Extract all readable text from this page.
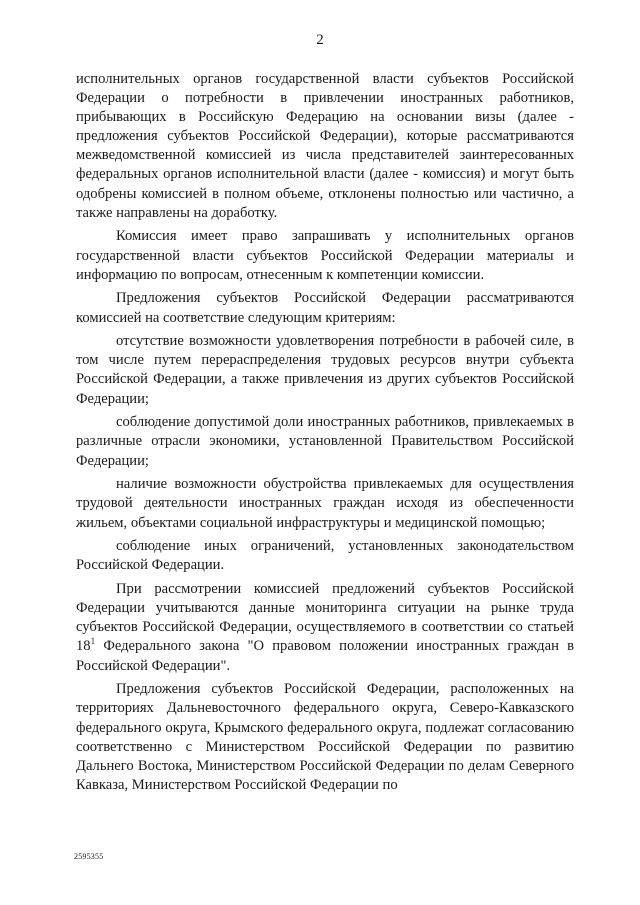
2

исполнительных органов государственной власти субъектов Российской Федерации о потребности в привлечении иностранных работников, прибывающих в Российскую Федерацию на основании визы (далее - предложения субъектов Российской Федерации), которые рассматриваются межведомственной комиссией из числа представителей заинтересованных федеральных органов исполнительной власти (далее - комиссия) и могут быть одобрены комиссией в полном объеме, отклонены полностью или частично, а также направлены на доработку.

Комиссия имеет право запрашивать у исполнительных органов государственной власти субъектов Российской Федерации материалы и информацию по вопросам, отнесенным к компетенции комиссии.

Предложения субъектов Российской Федерации рассматриваются комиссией на соответствие следующим критериям:

отсутствие возможности удовлетворения потребности в рабочей силе, в том числе путем перераспределения трудовых ресурсов внутри субъекта Российской Федерации, а также привлечения из других субъектов Российской Федерации;

соблюдение допустимой доли иностранных работников, привлекаемых в различные отрасли экономики, установленной Правительством Российской Федерации;

наличие возможности обустройства привлекаемых для осуществления трудовой деятельности иностранных граждан исходя из обеспеченности жильем, объектами социальной инфраструктуры и медицинской помощью;

соблюдение иных ограничений, установленных законодательством Российской Федерации.

При рассмотрении комиссией предложений субъектов Российской Федерации учитываются данные мониторинга ситуации на рынке труда субъектов Российской Федерации, осуществляемого в соответствии со статьей $18^1$ Федерального закона "О правовом положении иностранных граждан в Российской Федерации".

Предложения субъектов Российской Федерации, расположенных на территориях Дальневосточного федерального округа, Северо-Кавказского федерального округа, Крымского федерального округа, подлежат согласованию соответственно с Министерством Российской Федерации по развитию Дальнего Востока, Министерством Российской Федерации по делам Северного Кавказа, Министерством Российской Федерации по

2595355
